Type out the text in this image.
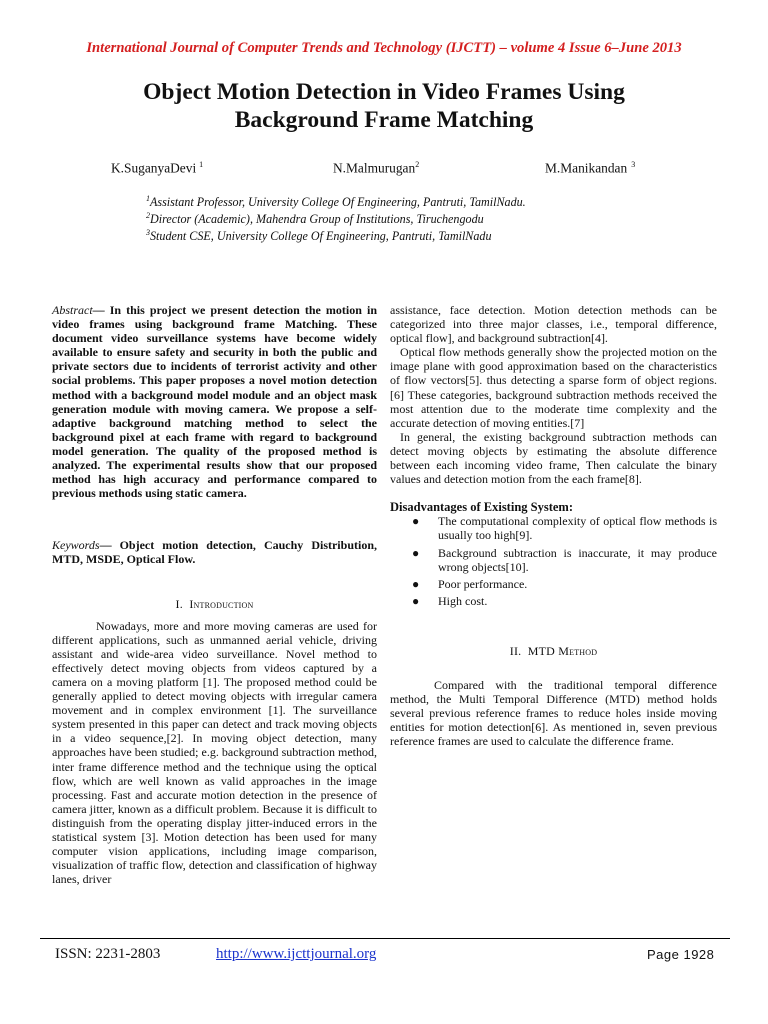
International Journal of Computer Trends and Technology (IJCTT) – volume 4 Issue 6–June 2013
Object Motion Detection in Video Frames Using
Background Frame Matching
K.SuganyaDevi $^1$	N.Malmurugan$^2$	M.Manikandan $^3$
$^1$Assistant Professor, University College Of Engineering, Pantruti, TamilNadu.
$^2$Director (Academic), Mahendra Group of Institutions, Tiruchengodu
$^3$Student CSE, University College Of Engineering, Pantruti, TamilNadu

Abstract— In this project we present detection the motion in video frames using background frame Matching. These document video surveillance systems have become widely available to ensure safety and security in both the public and private sectors due to incidents of terrorist activity and other social problems. This paper proposes a novel motion detection method with a background model module and an object mask generation module with moving camera. We propose a self-adaptive background matching method to select the background pixel at each frame with regard to background model generation. The quality of the proposed method is analyzed. The experimental results show that our proposed method has high accuracy and performance compared to previous methods using static camera.

Keywords— Object motion detection, Cauchy Distribution, MTD, MSDE, Optical Flow.

I. Introduction

Nowadays, more and more moving cameras are used for different applications, such as unmanned aerial vehicle, driving assistant and wide-area video surveillance. Novel method to effectively detect moving objects from videos captured by a camera on a moving platform [1]. The proposed method could be generally applied to detect moving objects with irregular camera movement and in complex environment [1]. The surveillance system presented in this paper can detect and track moving objects in a video sequence,[2]. In moving object detection, many approaches have been studied; e.g. background subtraction method, inter frame difference method and the technique using the optical flow, which are well known as valid approaches in the image processing. Fast and accurate motion detection in the presence of camera jitter, known as a difficult problem. Because it is difficult to distinguish from the operating display jitter-induced errors in the statistical system [3]. Motion detection has been used for many computer vision applications, including image comparison, visualization of traffic flow, detection and classification of highway lanes, driver

assistance, face detection. Motion detection methods can be categorized into three major classes, i.e., temporal difference, optical flow], and background subtraction[4].

Optical flow methods generally show the projected motion on the image plane with good approximation based on the characteristics of flow vectors[5]. thus detecting a sparse form of object regions.[6] These categories, background subtraction methods received the most attention due to the moderate time complexity and the accurate detection of moving entities.[7]

In general, the existing background subtraction methods can detect moving objects by estimating the absolute difference between each incoming video frame, Then calculate the binary values and detection motion from the each frame[8].

Disadvantages of Existing System:

● The computational complexity of optical flow methods is usually too high[9].
● Background subtraction is inaccurate, it may produce wrong objects[10].
● Poor performance.
● High cost.
II. MTD Method

Compared with the traditional temporal difference method, the Multi Temporal Difference (MTD) method holds several previous reference frames to reduce holes inside moving entities for motion detection[6]. As mentioned in, seven previous reference frames are used to calculate the difference frame.

ISSN: 2231-2803	http://www.ijcttjournal.org	Page 1928
